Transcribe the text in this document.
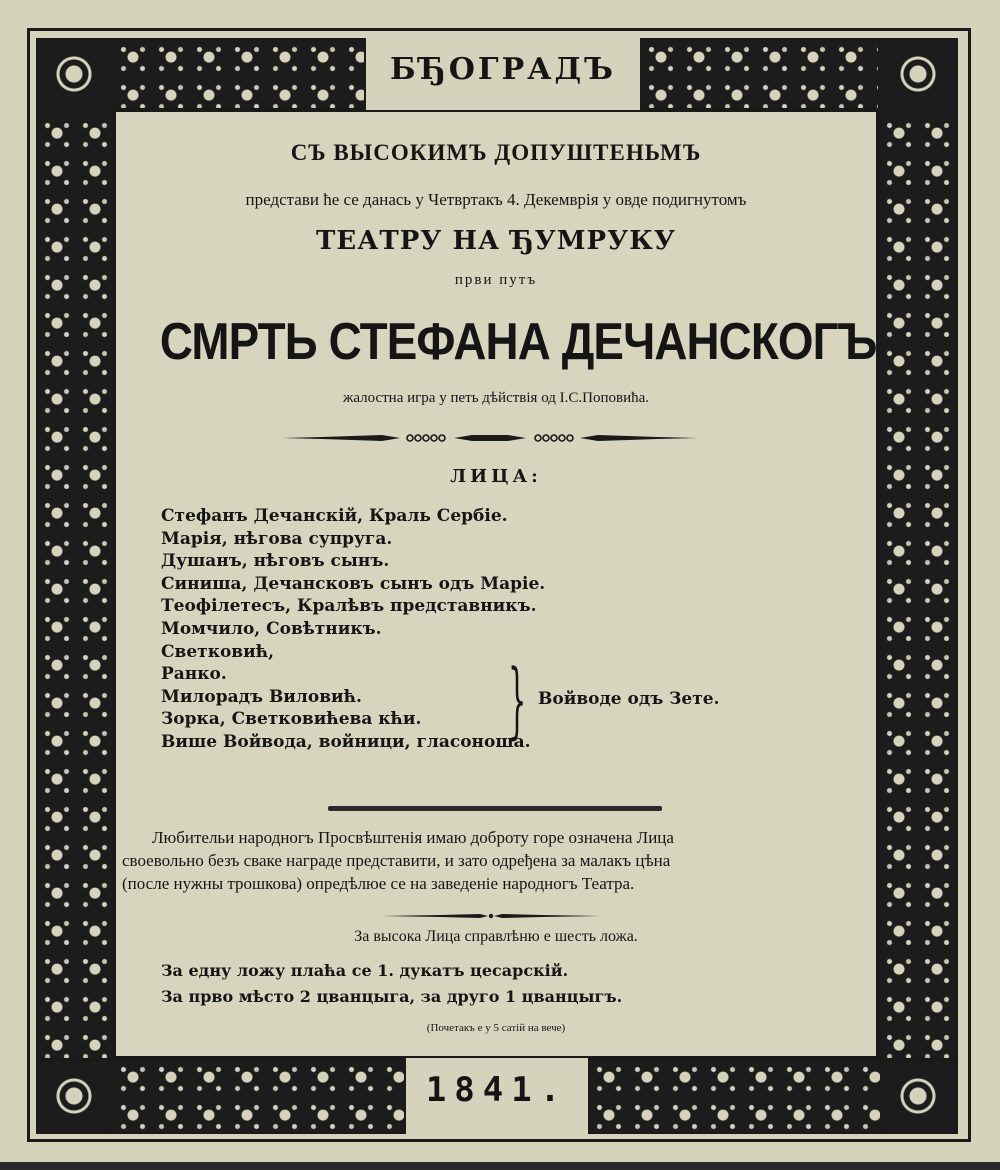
БЂОГРАДЪ
СЪ ВЫСОКИМЪ ДОПУШТЕНЬМЪ
представи ће се данась у Четвртакъ 4. Декемврія у овде подигнутомъ
ТЕАТРУ НА ЂУМРУКУ
први путъ
СМРТЬ СТЕФАНА ДЕЧАНСКОГЪ
жалостна игра у петь дѣйствія од І.С.Поповића.
ЛИЦА:
Стефанъ Дечанскій, Краль Сербіе.
Марія, нѣгова супруга.
Душанъ, нѣговъ сынъ.
Синиша, Дечансковъ сынъ одъ Маріе.
Теофілетесъ, Кралѣвъ представникъ.
Момчило, Совѣтникъ.
Светковић,
Ранко.
Милорадъ Виловић.
Зорка, Светковићева кћи.
Више Войвода, войници, гласоноша.
} Войводе одъ Зете.
Любительи народногъ Просвѣштенія имаю доброту горе означена Лица
своевольно безъ сваке награде представити, и зато одређена за малакъ цѣна
(после нужны трошкова) опредѣлюе се на заведеніе народногъ Театра.
За высока Лица справлѣню е шесть ложа.
За едну ложу плаћа се 1. дукатъ цесарскій.
За прво мѣсто 2 цванцыга, за друго 1 цванцыгъ.
(Почетакъ е у 5 сатій на вече)
1841.
